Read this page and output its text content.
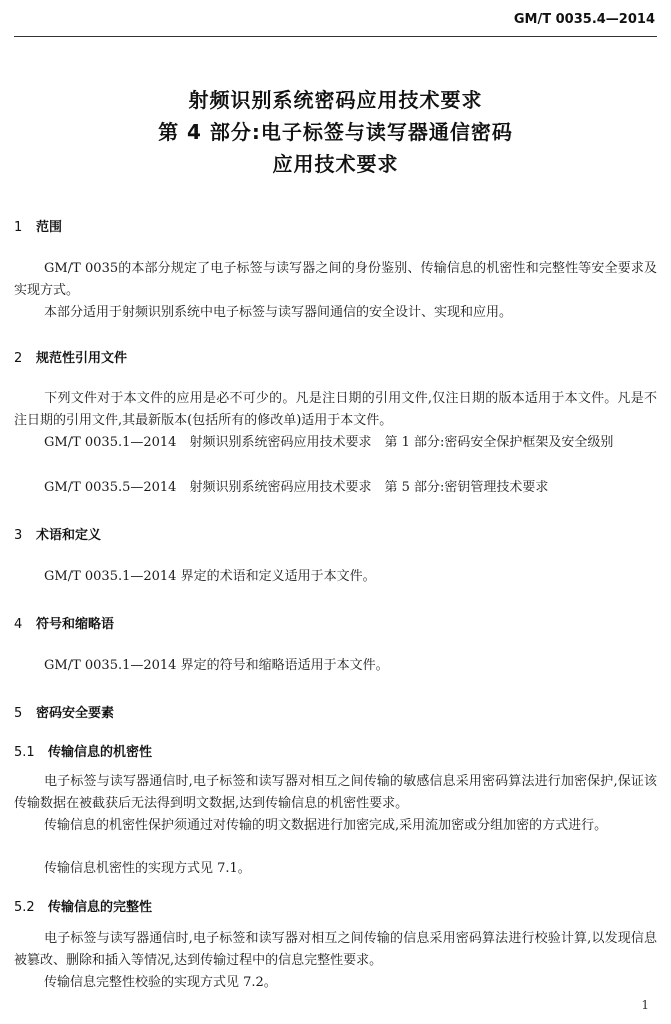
GM/T 0035.4—2014
射频识别系统密码应用技术要求
第 4 部分:电子标签与读写器通信密码
应用技术要求
1 范围
GM/T 0035的本部分规定了电子标签与读写器之间的身份鉴别、传输信息的机密性和完整性等安全要求及实现方式。
本部分适用于射频识别系统中电子标签与读写器间通信的安全设计、实现和应用。
2 规范性引用文件
下列文件对于本文件的应用是必不可少的。凡是注日期的引用文件,仅注日期的版本适用于本文件。凡是不注日期的引用文件,其最新版本(包括所有的修改单)适用于本文件。
GM/T 0035.1—2014　射频识别系统密码应用技术要求　第 1 部分:密码安全保护框架及安全级别
GM/T 0035.5—2014　射频识别系统密码应用技术要求　第 5 部分:密钥管理技术要求
3 术语和定义
GM/T 0035.1—2014 界定的术语和定义适用于本文件。
4 符号和缩略语
GM/T 0035.1—2014 界定的符号和缩略语适用于本文件。
5 密码安全要素
5.1 传输信息的机密性
电子标签与读写器通信时,电子标签和读写器对相互之间传输的敏感信息采用密码算法进行加密保护,保证该传输数据在被截获后无法得到明文数据,达到传输信息的机密性要求。
传输信息的机密性保护须通过对传输的明文数据进行加密完成,采用流加密或分组加密的方式进行。
传输信息机密性的实现方式见 7.1。
5.2 传输信息的完整性
电子标签与读写器通信时,电子标签和读写器对相互之间传输的信息采用密码算法进行校验计算,以发现信息被篡改、删除和插入等情况,达到传输过程中的信息完整性要求。
传输信息完整性校验的实现方式见 7.2。
1
